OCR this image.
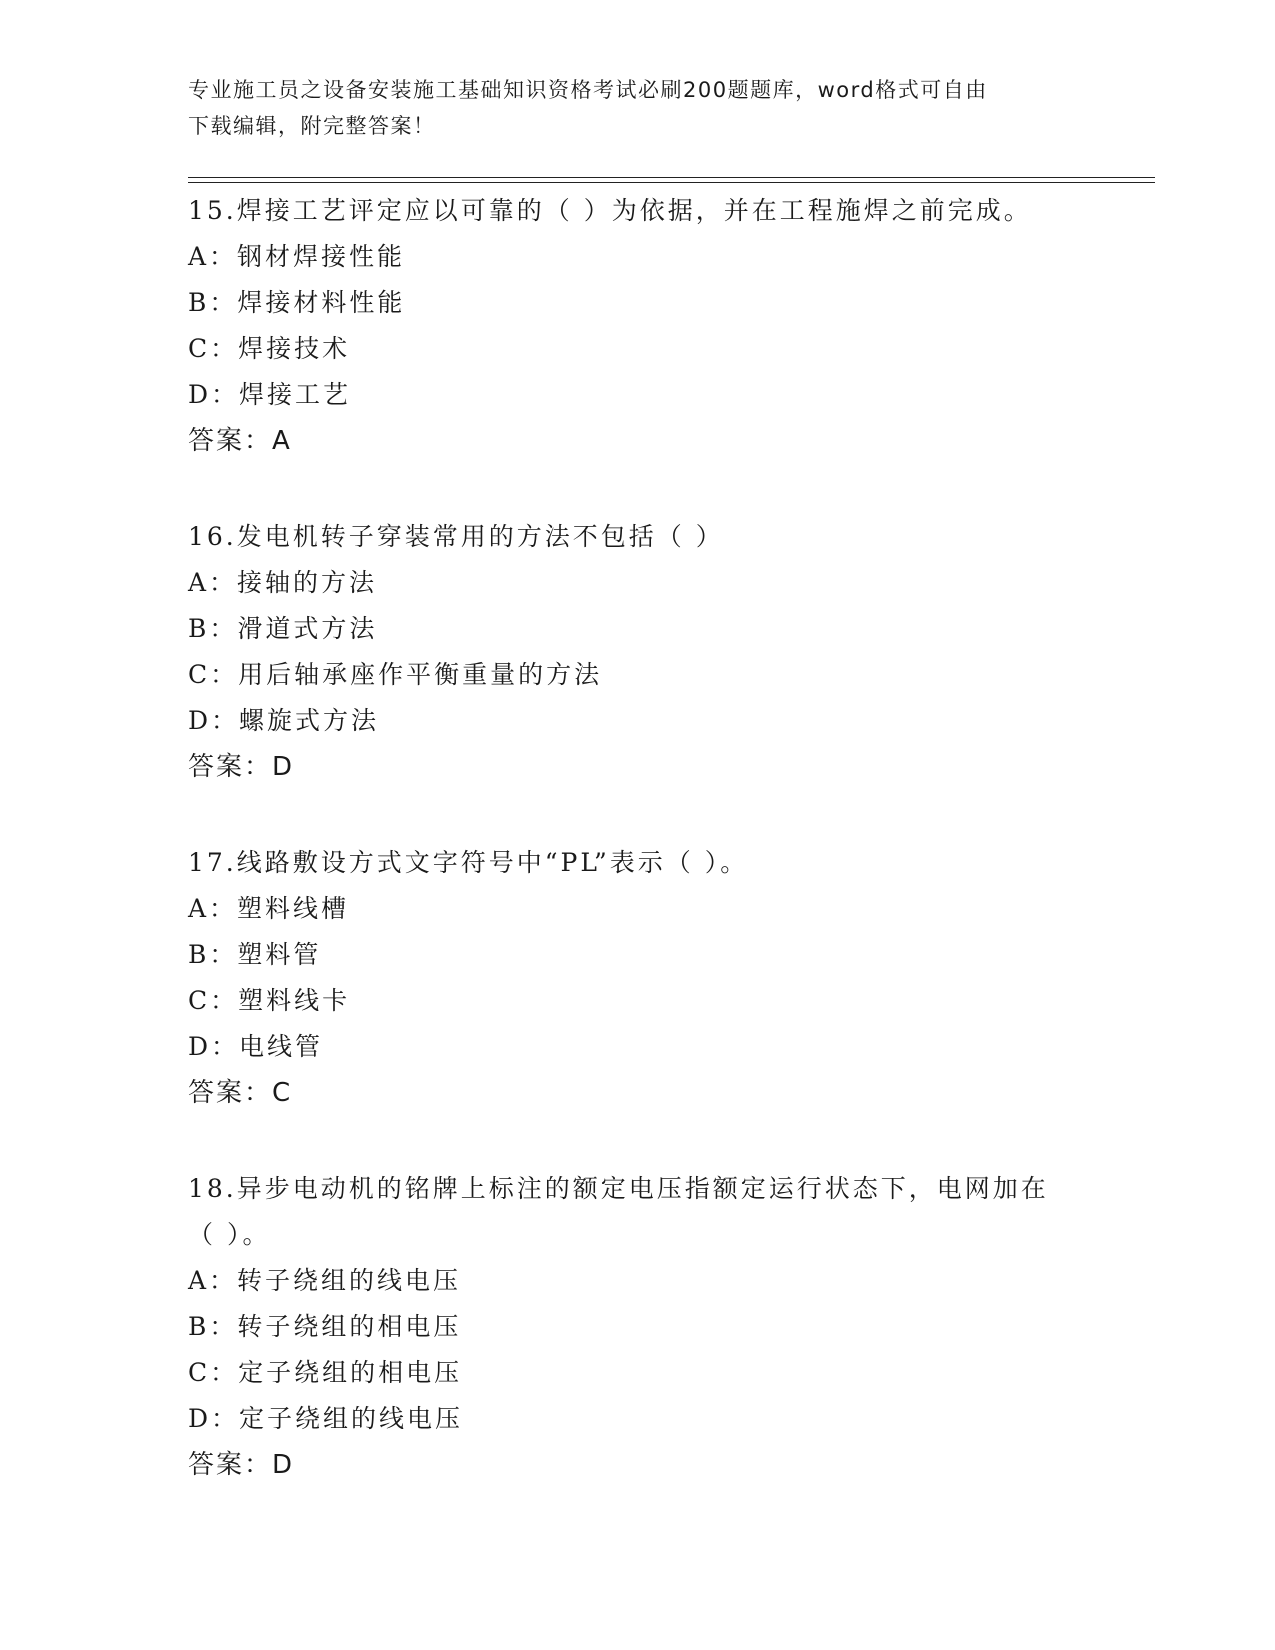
专业施工员之设备安装施工基础知识资格考试必刷200题题库，word格式可自由
下载编辑，附完整答案！
15.焊接工艺评定应以可靠的（ ）为依据，并在工程施焊之前完成。
A：钢材焊接性能
B：焊接材料性能
C：焊接技术
D：焊接工艺
答案：A
16.发电机转子穿装常用的方法不包括（ ）
A：接轴的方法
B：滑道式方法
C：用后轴承座作平衡重量的方法
D：螺旋式方法
答案：D
17.线路敷设方式文字符号中“PL”表示（ ）。
A：塑料线槽
B：塑料管
C：塑料线卡
D：电线管
答案：C
18.异步电动机的铭牌上标注的额定电压指额定运行状态下，电网加在（ ）。
A：转子绕组的线电压
B：转子绕组的相电压
C：定子绕组的相电压
D：定子绕组的线电压
答案：D
